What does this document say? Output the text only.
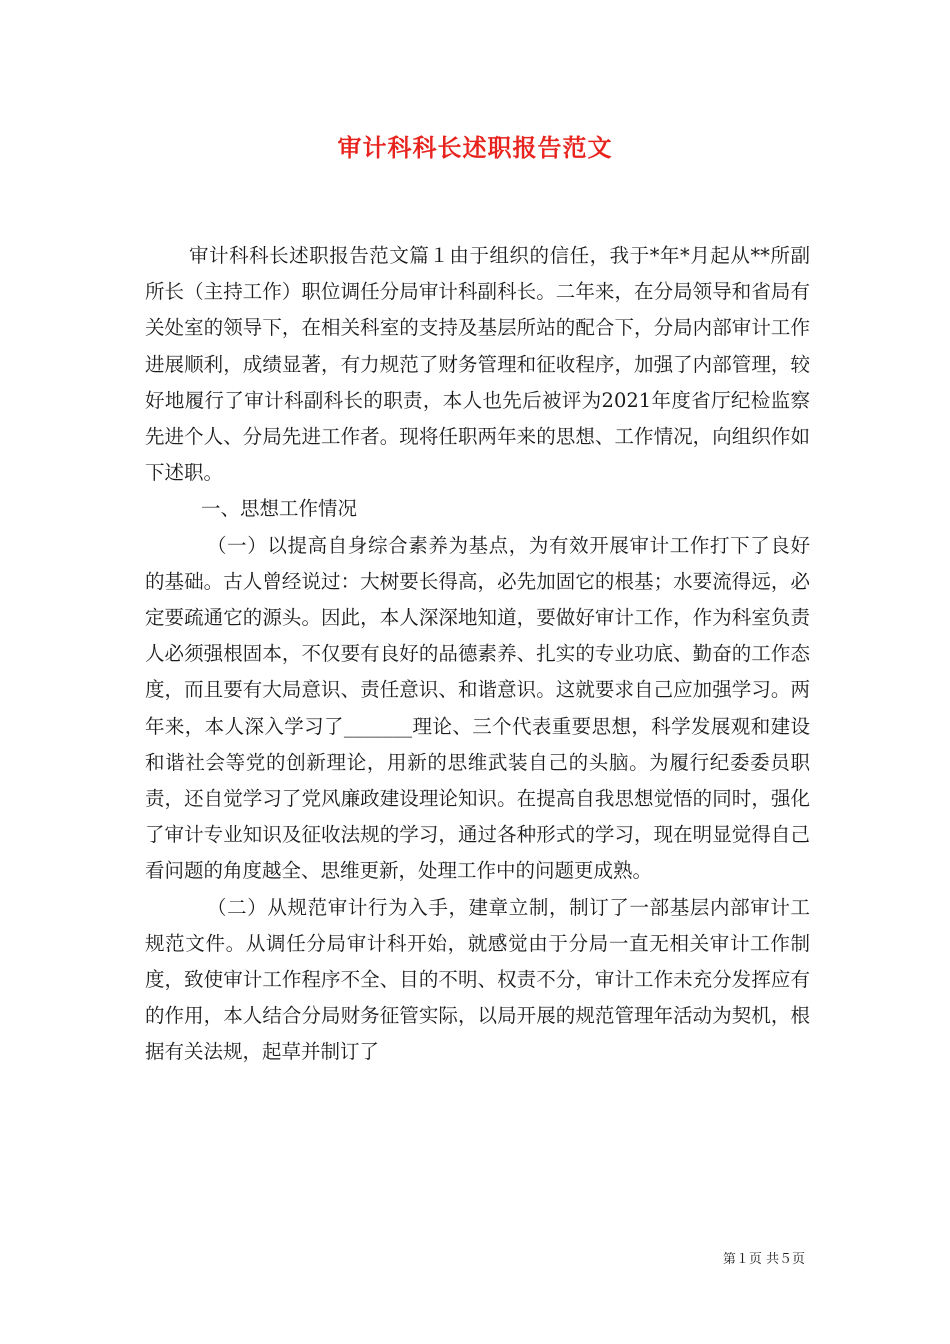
审计科科长述职报告范文

审计科科长述职报告范文篇１由于组织的信任，我于*年*月起从**所副所长（主持工作）职位调任分局审计科副科长。二年来，在分局领导和省局有关处室的领导下，在相关科室的支持及基层所站的配合下，分局内部审计工作进展顺利，成绩显著，有力规范了财务管理和征收程序，加强了内部管理，较好地履行了审计科副科长的职责，本人也先后被评为2021年度省厅纪检监察先进个人、分局先进工作者。现将任职两年来的思想、工作情况，向组织作如下述职。

一、思想工作情况

（一）以提高自身综合素养为基点，为有效开展审计工作打下了良好的基础。古人曾经说过：大树要长得高，必先加固它的根基；水要流得远，必定要疏通它的源头。因此，本人深深地知道，要做好审计工作，作为科室负责人必须强根固本，不仅要有良好的品德素养、扎实的专业功底、勤奋的工作态度，而且要有大局意识、责任意识、和谐意识。这就要求自己应加强学习。两年来，本人深入学习了_______理论、三个代表重要思想，科学发展观和建设和谐社会等党的创新理论，用新的思维武装自己的头脑。为履行纪委委员职责，还自觉学习了党风廉政建设理论知识。在提高自我思想觉悟的同时，强化了审计专业知识及征收法规的学习，通过各种形式的学习，现在明显觉得自己看问题的角度越全、思维更新，处理工作中的问题更成熟。

（二）从规范审计行为入手，建章立制，制订了一部基层内部审计工规范文件。从调任分局审计科开始，就感觉由于分局一直无相关审计工作制度，致使审计工作程序不全、目的不明、权责不分，审计工作未充分发挥应有的作用，本人结合分局财务征管实际，以局开展的规范管理年活动为契机，根据有关法规，起草并制订了

第１页 共５页
